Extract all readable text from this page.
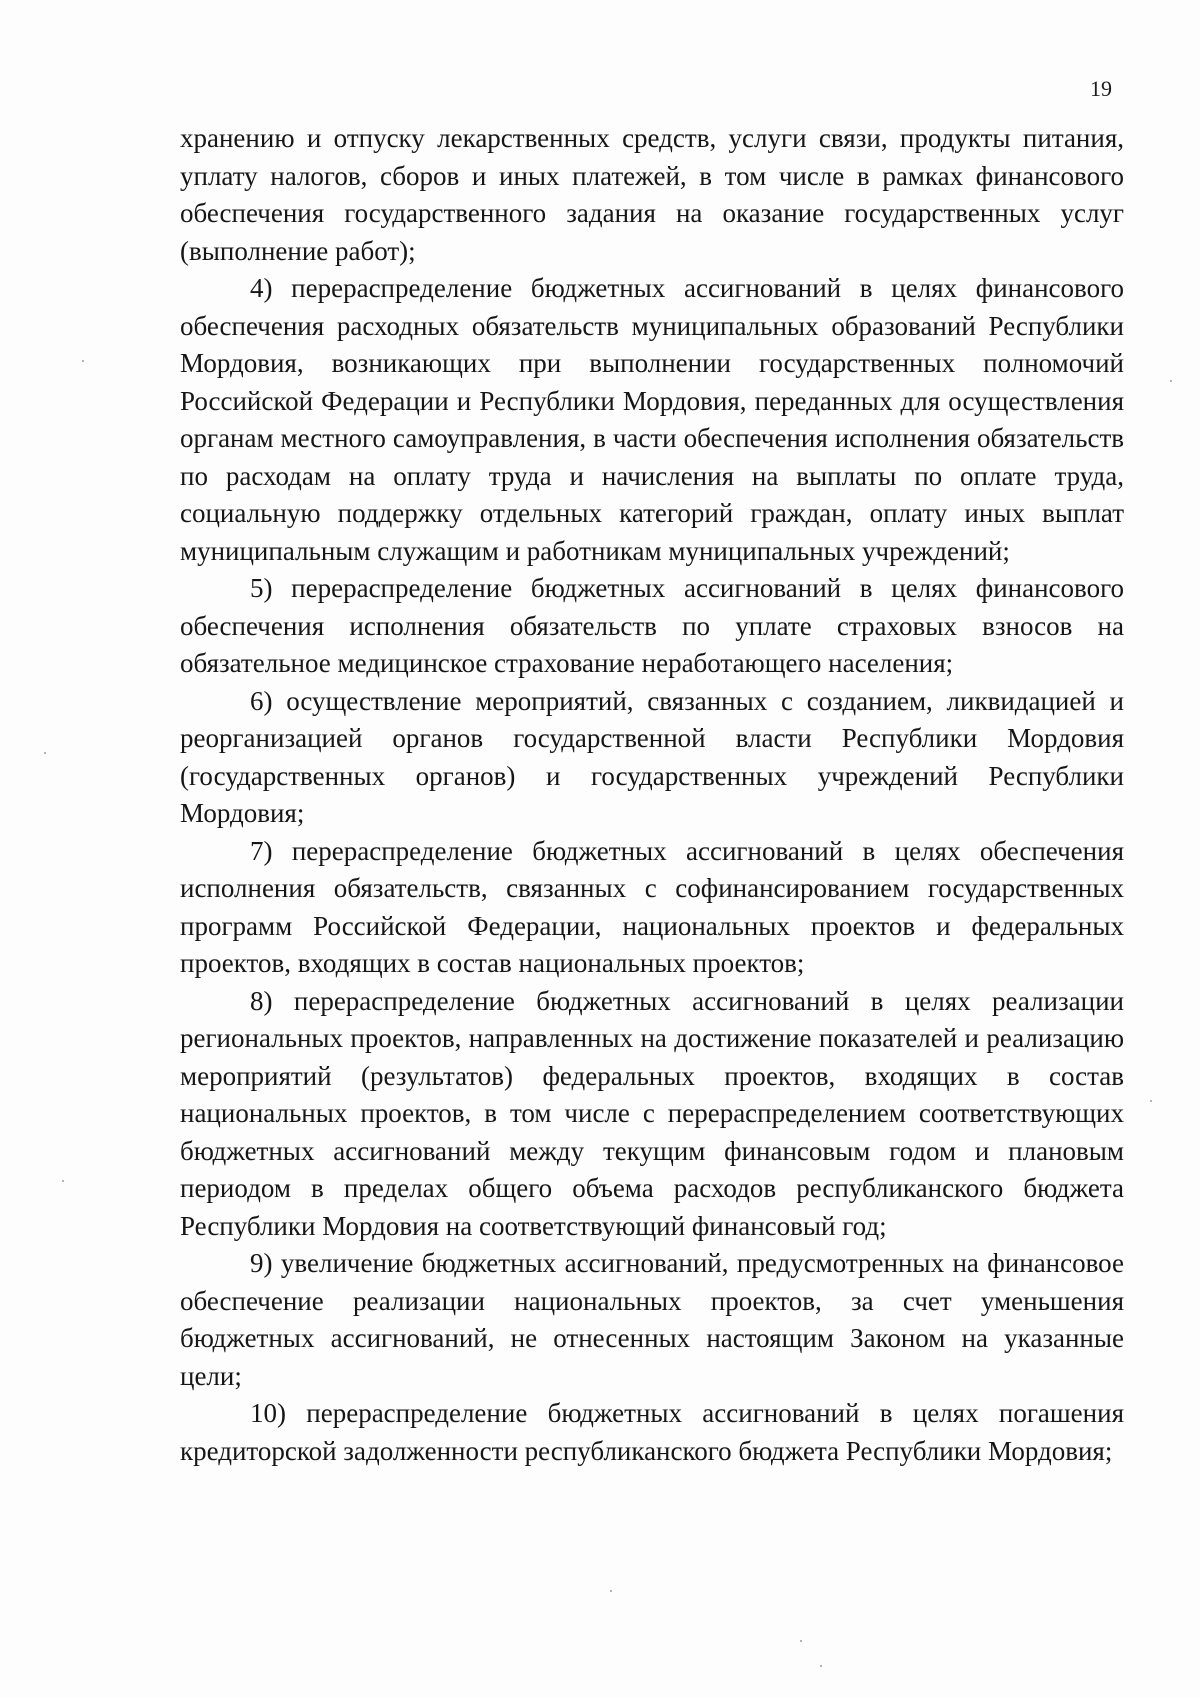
19

хранению и отпуску лекарственных средств, услуги связи, продукты питания, уплату налогов, сборов и иных платежей, в том числе в рамках финансового обеспечения государственного задания на оказание государственных услуг (выполнение работ);

4) перераспределение бюджетных ассигнований в целях финансового обеспечения расходных обязательств муниципальных образований Республики Мордовия, возникающих при выполнении государственных полномочий Российской Федерации и Республики Мордовия, переданных для осуществления органам местного самоуправления, в части обеспечения исполнения обязательств по расходам на оплату труда и начисления на выплаты по оплате труда, социальную поддержку отдельных категорий граждан, оплату иных выплат муниципальным служащим и работникам муниципальных учреждений;

5) перераспределение бюджетных ассигнований в целях финансового обеспечения исполнения обязательств по уплате страховых взносов на обязательное медицинское страхование неработающего населения;

6) осуществление мероприятий, связанных с созданием, ликвидацией и реорганизацией органов государственной власти Республики Мордовия (государственных органов) и государственных учреждений Республики Мордовия;

7) перераспределение бюджетных ассигнований в целях обеспечения исполнения обязательств, связанных с софинансированием государственных программ Российской Федерации, национальных проектов и федеральных проектов, входящих в состав национальных проектов;

8) перераспределение бюджетных ассигнований в целях реализации региональных проектов, направленных на достижение показателей и реализацию мероприятий (результатов) федеральных проектов, входящих в состав национальных проектов, в том числе с перераспределением соответствующих бюджетных ассигнований между текущим финансовым годом и плановым периодом в пределах общего объема расходов республиканского бюджета Республики Мордовия на соответствующий финансовый год;

9) увеличение бюджетных ассигнований, предусмотренных на финансовое обеспечение реализации национальных проектов, за счет уменьшения бюджетных ассигнований, не отнесенных настоящим Законом на указанные цели;

10) перераспределение бюджетных ассигнований в целях погашения кредиторской задолженности республиканского бюджета Республики Мордовия;
